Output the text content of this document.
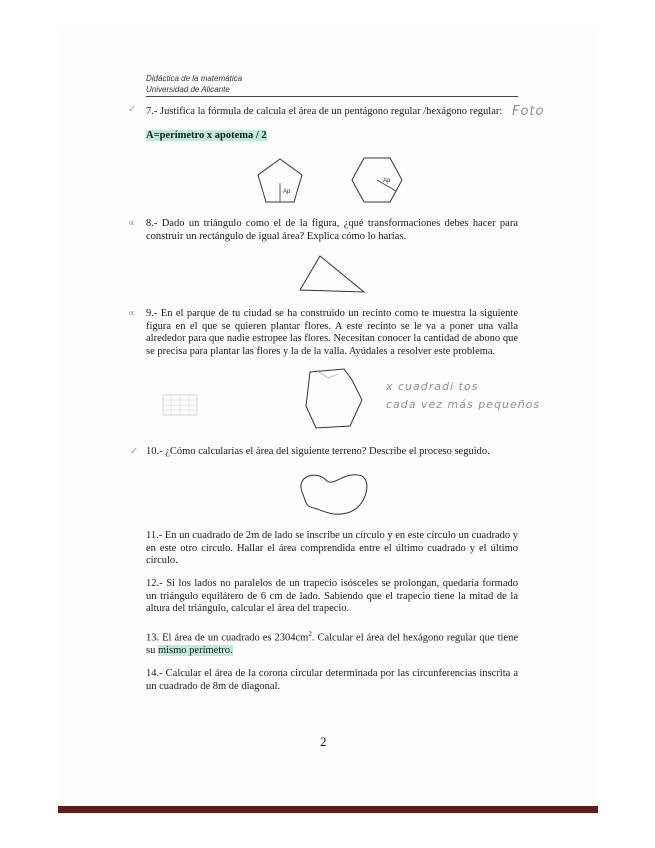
Didáctica de la matemática
Universidad de Alicante
✓ 7.- Justifica la fórmula de calcula el área de un pentágono regular /hexágono regular: Foto
A=perímetro x apotema / 2
Ap
Ap
∝ 8.- Dado un triángulo como el de la figura, ¿qué transformaciones debes hacer para construir un rectángulo de igual área? Explica cómo lo harías.
∝ 9.- En el parque de tu ciudad se ha construido un recinto como te muestra la siguiente figura en el que se quieren plantar flores. A este recinto se le va a poner una valla alrededor para que nadie estropee las flores. Necesitan conocer la cantidad de abono que se precisa para plantar las flores y la de la valla. Ayúdales a resolver este problema.
x cuadradi tos
cada vez más pequeños
✓ 10.- ¿Cómo calcularías el área del siguiente terreno? Describe el proceso seguido.
11.- En un cuadrado de 2m de lado se inscribe un círculo y en este círculo un cuadrado y en este otro círculo. Hallar el área comprendida entre el último cuadrado y el último círculo.
12.- Si los lados no paralelos de un trapecio isósceles se prolongan, quedaría formado un triángulo equilátero de 6 cm de lado. Sabiendo que el trapecio tiene la mitad de la altura del triángulo, calcular el área del trapecio.
13. El área de un cuadrado es $2304cm^2$. Calcular el área del hexágono regular que tiene su mismo perímetro.
14.- Calcular el área de la corona circular determinada por las circunferencias inscrita a un cuadrado de 8m de diagonal.
2
